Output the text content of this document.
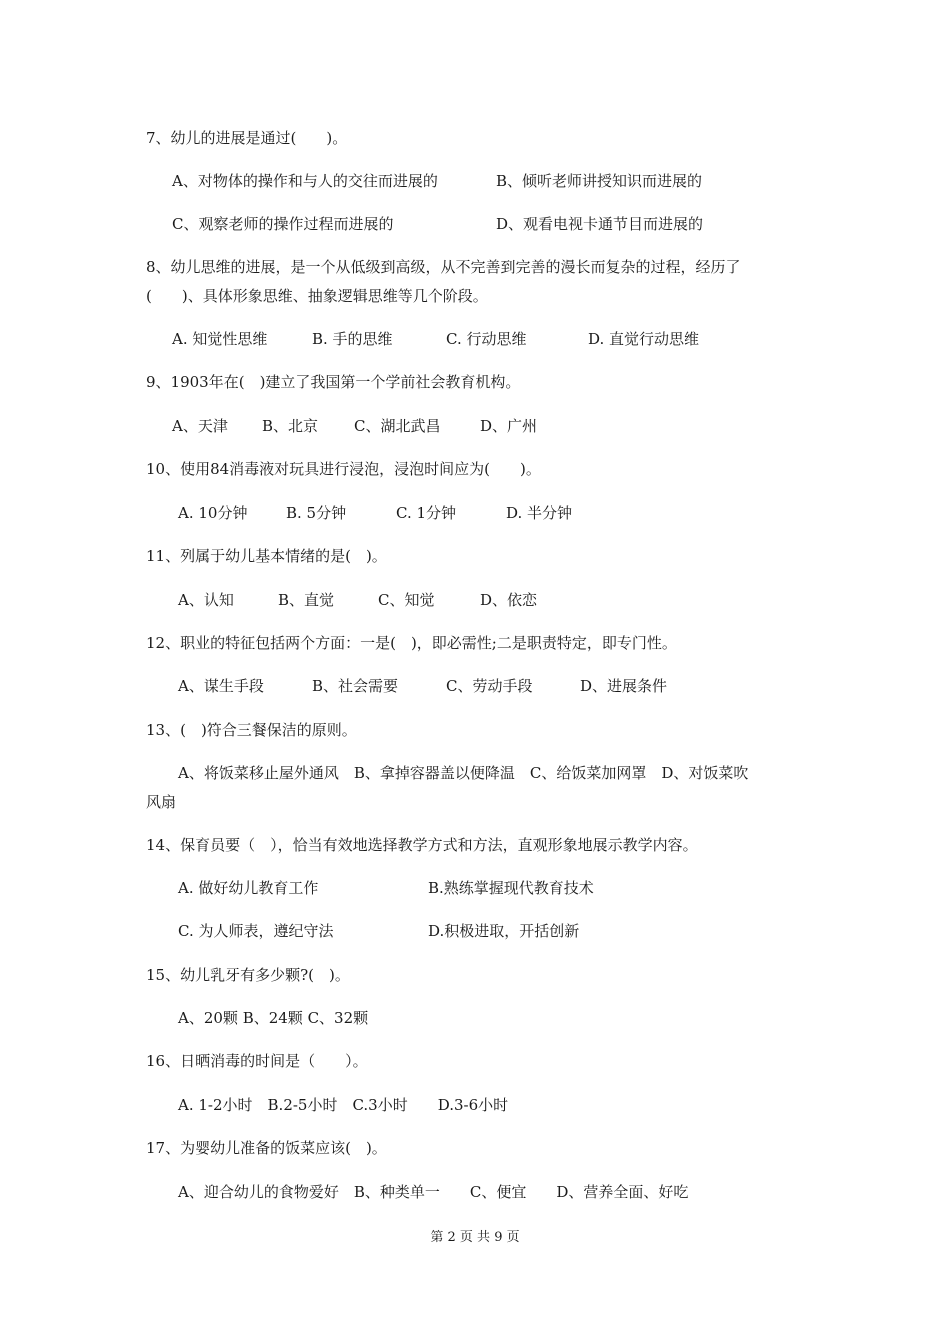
7、幼儿的进展是通过(　　)。
A、对物体的操作和与人的交往而进展的	B、倾听老师讲授知识而进展的
C、观察老师的操作过程而进展的	D、观看电视卡通节目而进展的
8、幼儿思维的进展，是一个从低级到高级，从不完善到完善的漫长而复杂的过程，经历了
(　　)、具体形象思维、抽象逻辑思维等几个阶段。
A. 知觉性思维	B. 手的思维	C. 行动思维	D. 直觉行动思维
9、1903年在(　)建立了我国第一个学前社会教育机构。
A、天津 B、北京 C、湖北武昌	D、广州
10、使用84消毒液对玩具进行浸泡，浸泡时间应为(　　)。
A. 10分钟	B. 5分钟	C. 1分钟	D. 半分钟
11、列属于幼儿基本情绪的是(　)。
A、认知	B、直觉	C、知觉	D、依恋
12、职业的特征包括两个方面：一是(　)，即必需性;二是职责特定，即专门性。
A、谋生手段	B、社会需要	C、劳动手段	D、进展条件
13、(　)符合三餐保洁的原则。
A、将饭菜移止屋外通风　B、拿掉容器盖以便降温　C、给饭菜加网罩　D、对饭菜吹
风扇
14、保育员要（　），恰当有效地选择教学方式和方法，直观形象地展示教学内容。
A. 做好幼儿教育工作	B.熟练掌握现代教育技术
C. 为人师表，遵纪守法	D.积极进取，开括创新
15、幼儿乳牙有多少颗?(　)。
A、20颗 B、24颗 C、32颗
16、日晒消毒的时间是（　　）。
A. 1-2小时　B.2-5小时　C.3小时　　D.3-6小时
17、为婴幼儿准备的饭菜应该(　)。
A、迎合幼儿的食物爱好　B、种类单一　　C、便宜　　D、营养全面、好吃
第 2 页 共 9 页
